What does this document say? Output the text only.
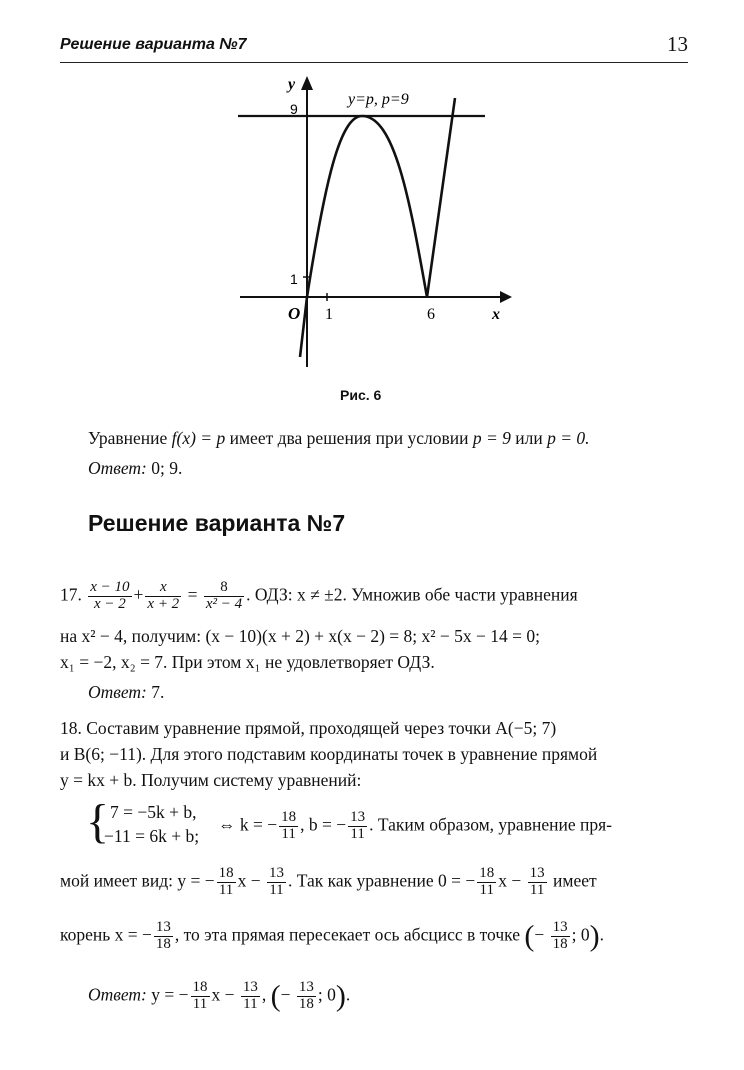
Решение варианта №7	13
y
9
y=p, p=9
1
O 1	6	x
Рис. 6
Уравнение f(x) = p имеет два решения при условии p = 9 или p = 0.
Ответ: 0; 9.
Решение варианта №7
17. $\frac{x - 10}{x - 2} + \frac{x}{x + 2} = \frac{8}{\text{x² − 4}}$ . ОДЗ: x ≠ ±2. Умножив обе части уравнения
на x² − 4, получим: (x − 10)(x + 2) + x(x − 2) = 8; x² − 5x − 14 = 0;
x₁ = −2, x₂ = 7. При этом x₁ не удовлетворяет ОДЗ.
Ответ: 7.
18. Составим уравнение прямой, проходящей через точки A(−5; 7)
и B(6; −11). Для этого подставим координаты точек в уравнение прямой
y = kx + b. Получим систему уравнений:
{ 7 = −5k + b,
−11 = 6k + b;
⇔ k = − $\frac{18}{11}$ , b = − $\frac{13}{11}$ . Таким образом, уравнение пря-
мой имеет вид: y = − $\frac{18}{11}$ $x - \frac{13}{11}$ . Так как уравнение 0 = − $\frac{18}{11}$ $x - \frac{13}{11}$ имеет
корень x = − $\frac{13}{18}$ , то эта прямая пересекает ось абсцисс в точке (− $\frac{13}{18}$ ; 0).
Ответ: y = − $\frac{18}{11}$ $x - \frac{13}{11}$ , (− $\frac{13}{18}$ ; 0).
